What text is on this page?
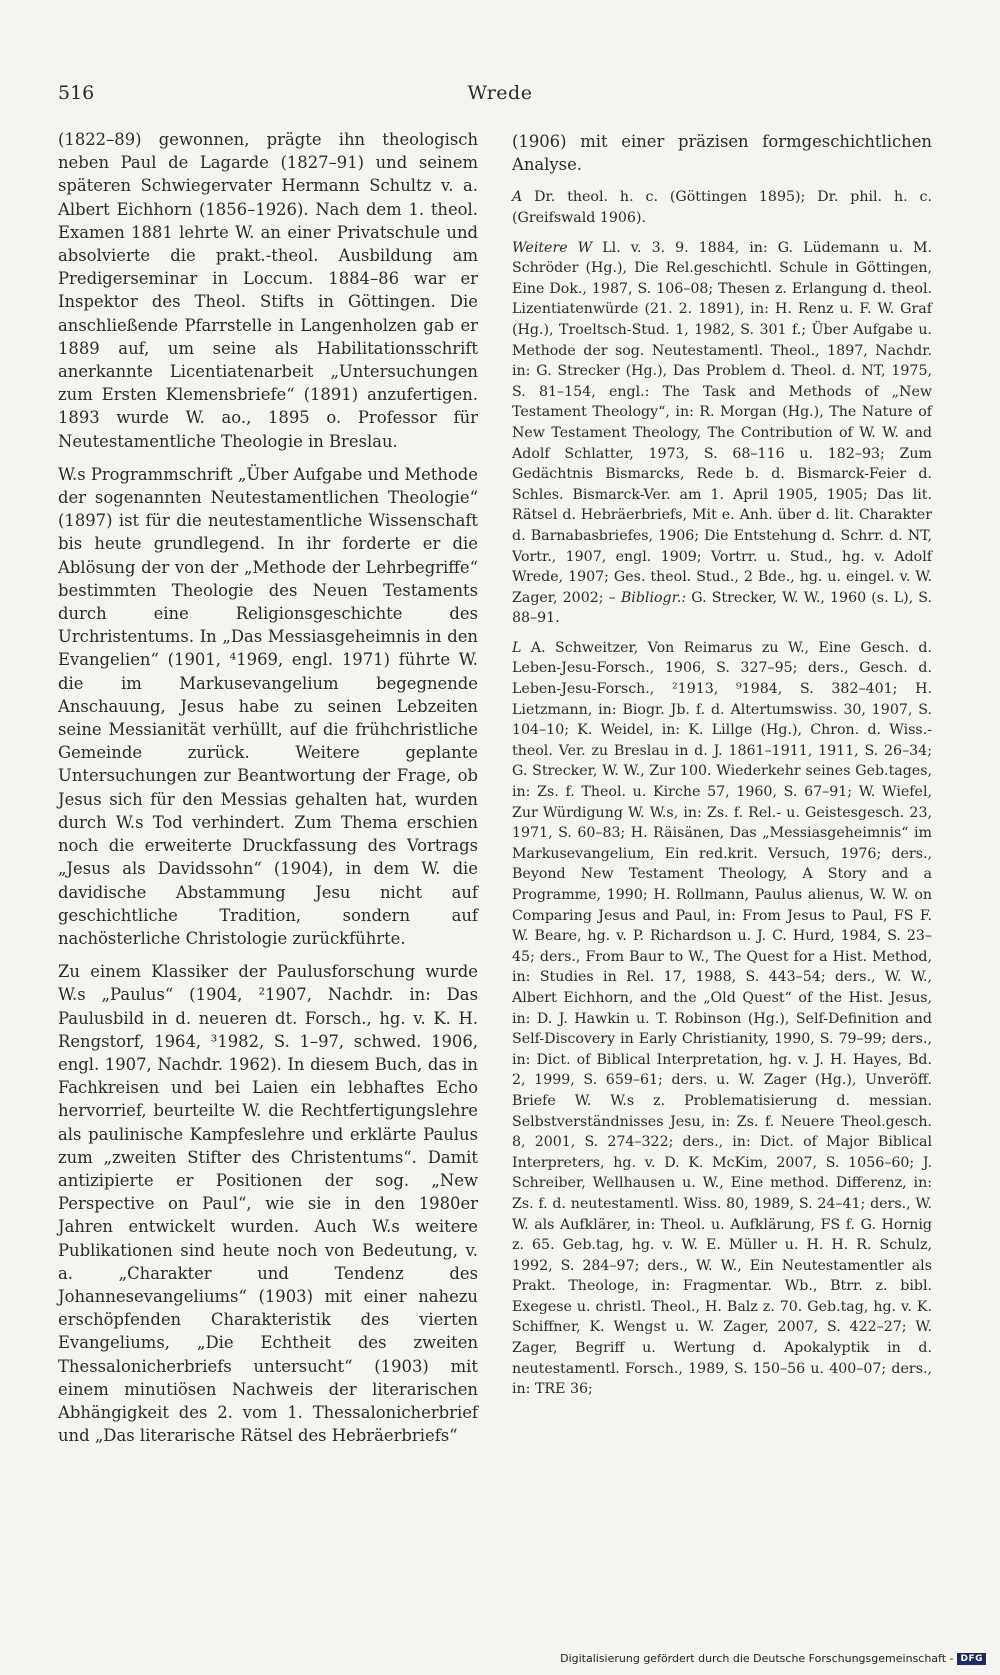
516	Wrede

(1822–89) gewonnen, prägte ihn theologisch neben Paul de Lagarde (1827–91) und seinem späteren Schwiegervater Hermann Schultz v. a. Albert Eichhorn (1856–1926). Nach dem 1. theol. Examen 1881 lehrte W. an einer Privatschule und absolvierte die prakt.-theol. Ausbildung am Predigerseminar in Loccum. 1884–86 war er Inspektor des Theol. Stifts in Göttingen. Die anschließende Pfarrstelle in Langenholzen gab er 1889 auf, um seine als Habilitationsschrift anerkannte Licentiatenarbeit „Untersuchungen zum Ersten Klemensbriefe“ (1891) anzufertigen. 1893 wurde W. ao., 1895 o. Professor für Neutestamentliche Theologie in Breslau.

W.s Programmschrift „Über Aufgabe und Methode der sogenannten Neutestamentlichen Theologie“ (1897) ist für die neutestamentliche Wissenschaft bis heute grundlegend. In ihr forderte er die Ablösung der von der „Methode der Lehrbegriffe“ bestimmten Theologie des Neuen Testaments durch eine Religionsgeschichte des Urchristentums. In „Das Messiasgeheimnis in den Evangelien“ (1901, ⁴1969, engl. 1971) führte W. die im Markusevangelium begegnende Anschauung, Jesus habe zu seinen Lebzeiten seine Messianität verhüllt, auf die frühchristliche Gemeinde zurück. Weitere geplante Untersuchungen zur Beantwortung der Frage, ob Jesus sich für den Messias gehalten hat, wurden durch W.s Tod verhindert. Zum Thema erschien noch die erweiterte Druckfassung des Vortrags „Jesus als Davidssohn“ (1904), in dem W. die davidische Abstammung Jesu nicht auf geschichtliche Tradition, sondern auf nachösterliche Christologie zurückführte.

Zu einem Klassiker der Paulusforschung wurde W.s „Paulus“ (1904, ²1907, Nachdr. in: Das Paulusbild in d. neueren dt. Forsch., hg. v. K. H. Rengstorf, 1964, ³1982, S. 1–97, schwed. 1906, engl. 1907, Nachdr. 1962). In diesem Buch, das in Fachkreisen und bei Laien ein lebhaftes Echo hervorrief, beurteilte W. die Rechtfertigungslehre als paulinische Kampfeslehre und erklärte Paulus zum „zweiten Stifter des Christentums“. Damit antizipierte er Positionen der sog. „New Perspective on Paul“, wie sie in den 1980er Jahren entwickelt wurden. Auch W.s weitere Publikationen sind heute noch von Bedeutung, v. a. „Charakter und Tendenz des Johannesevangeliums“ (1903) mit einer nahezu erschöpfenden Charakteristik des vierten Evangeliums, „Die Echtheit des zweiten Thessalonicherbriefs untersucht“ (1903) mit einem minutiösen Nachweis der literarischen Abhängigkeit des 2. vom 1. Thessalonicherbrief und „Das literarische Rätsel des Hebräerbriefs“

(1906) mit einer präzisen formgeschichtlichen Analyse.

A Dr. theol. h. c. (Göttingen 1895); Dr. phil. h. c. (Greifswald 1906).

Weitere W Ll. v. 3. 9. 1884, in: G. Lüdemann u. M. Schröder (Hg.), Die Rel.geschichtl. Schule in Göttingen, Eine Dok., 1987, S. 106–08; Thesen z. Erlangung d. theol. Lizentiatenwürde (21. 2. 1891), in: H. Renz u. F. W. Graf (Hg.), Troeltsch-Stud. 1, 1982, S. 301 f.; Über Aufgabe u. Methode der sog. Neutestamentl. Theol., 1897, Nachdr. in: G. Strecker (Hg.), Das Problem d. Theol. d. NT, 1975, S. 81–154, engl.: The Task and Methods of „New Testament Theology“, in: R. Morgan (Hg.), The Nature of New Testament Theology, The Contribution of W. W. and Adolf Schlatter, 1973, S. 68–116 u. 182–93; Zum Gedächtnis Bismarcks, Rede b. d. Bismarck-Feier d. Schles. Bismarck-Ver. am 1. April 1905, 1905; Das lit. Rätsel d. Hebräerbriefs, Mit e. Anh. über d. lit. Charakter d. Barnabasbriefes, 1906; Die Entstehung d. Schrr. d. NT, Vortr., 1907, engl. 1909; Vortrr. u. Stud., hg. v. Adolf Wrede, 1907; Ges. theol. Stud., 2 Bde., hg. u. eingel. v. W. Zager, 2002; – Bibliogr.: G. Strecker, W. W., 1960 (s. L), S. 88–91.

L A. Schweitzer, Von Reimarus zu W., Eine Gesch. d. Leben-Jesu-Forsch., 1906, S. 327–95; ders., Gesch. d. Leben-Jesu-Forsch., ²1913, ⁹1984, S. 382–401; H. Lietzmann, in: Biogr. Jb. f. d. Altertumswiss. 30, 1907, S. 104–10; K. Weidel, in: K. Lillge (Hg.), Chron. d. Wiss.-theol. Ver. zu Breslau in d. J. 1861–1911, 1911, S. 26–34; G. Strecker, W. W., Zur 100. Wiederkehr seines Geb.tages, in: Zs. f. Theol. u. Kirche 57, 1960, S. 67–91; W. Wiefel, Zur Würdigung W. W.s, in: Zs. f. Rel.- u. Geistesgesch. 23, 1971, S. 60–83; H. Räisänen, Das „Messiasgeheimnis“ im Markusevangelium, Ein red.krit. Versuch, 1976; ders., Beyond New Testament Theology, A Story and a Programme, 1990; H. Rollmann, Paulus alienus, W. W. on Comparing Jesus and Paul, in: From Jesus to Paul, FS F. W. Beare, hg. v. P. Richardson u. J. C. Hurd, 1984, S. 23–45; ders., From Baur to W., The Quest for a Hist. Method, in: Studies in Rel. 17, 1988, S. 443–54; ders., W. W., Albert Eichhorn, and the „Old Quest“ of the Hist. Jesus, in: D. J. Hawkin u. T. Robinson (Hg.), Self-Definition and Self-Discovery in Early Christianity, 1990, S. 79–99; ders., in: Dict. of Biblical Interpretation, hg. v. J. H. Hayes, Bd. 2, 1999, S. 659–61; ders. u. W. Zager (Hg.), Unveröff. Briefe W. W.s z. Problematisierung d. messian. Selbstverständnisses Jesu, in: Zs. f. Neuere Theol.gesch. 8, 2001, S. 274–322; ders., in: Dict. of Major Biblical Interpreters, hg. v. D. K. McKim, 2007, S. 1056–60; J. Schreiber, Wellhausen u. W., Eine method. Differenz, in: Zs. f. d. neutestamentl. Wiss. 80, 1989, S. 24–41; ders., W. W. als Aufklärer, in: Theol. u. Aufklärung, FS f. G. Hornig z. 65. Geb.tag, hg. v. W. E. Müller u. H. H. R. Schulz, 1992, S. 284–97; ders., W. W., Ein Neutestamentler als Prakt. Theologe, in: Fragmentar. Wb., Btrr. z. bibl. Exegese u. christl. Theol., H. Balz z. 70. Geb.tag, hg. v. K. Schiffner, K. Wengst u. W. Zager, 2007, S. 422–27; W. Zager, Begriff u. Wertung d. Apokalyptik in d. neutestamentl. Forsch., 1989, S. 150–56 u. 400–07; ders., in: TRE 36;

Digitalisierung gefördert durch die Deutsche Forschungsgemeinschaft - DFG
